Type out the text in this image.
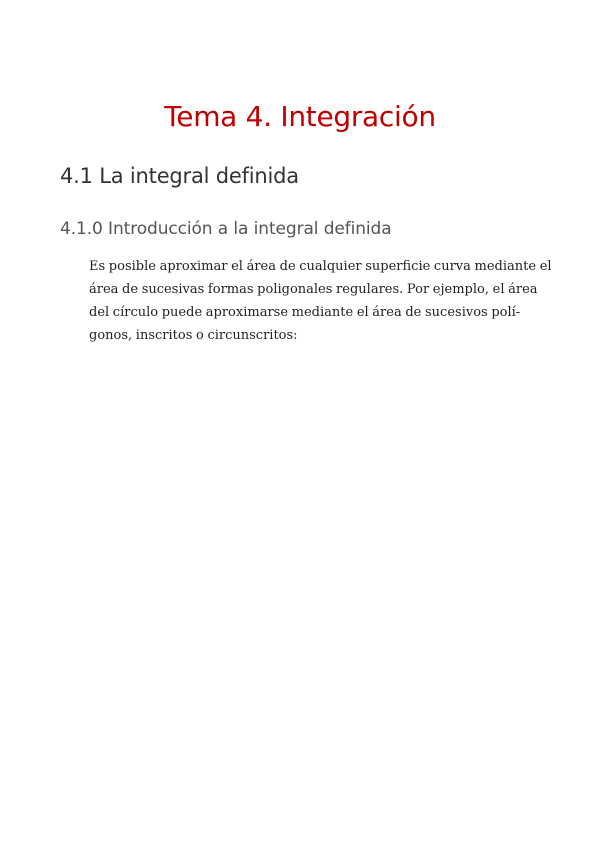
Tema 4. Integración
4.1 La integral definida
4.1.0 Introducción a la integral definida

Es posible aproximar el área de cualquier superficie curva mediante el
área de sucesivas formas poligonales regulares. Por ejemplo, el área
del círculo puede aproximarse mediante el área de sucesivos polí-
gonos, inscritos o circunscritos:
